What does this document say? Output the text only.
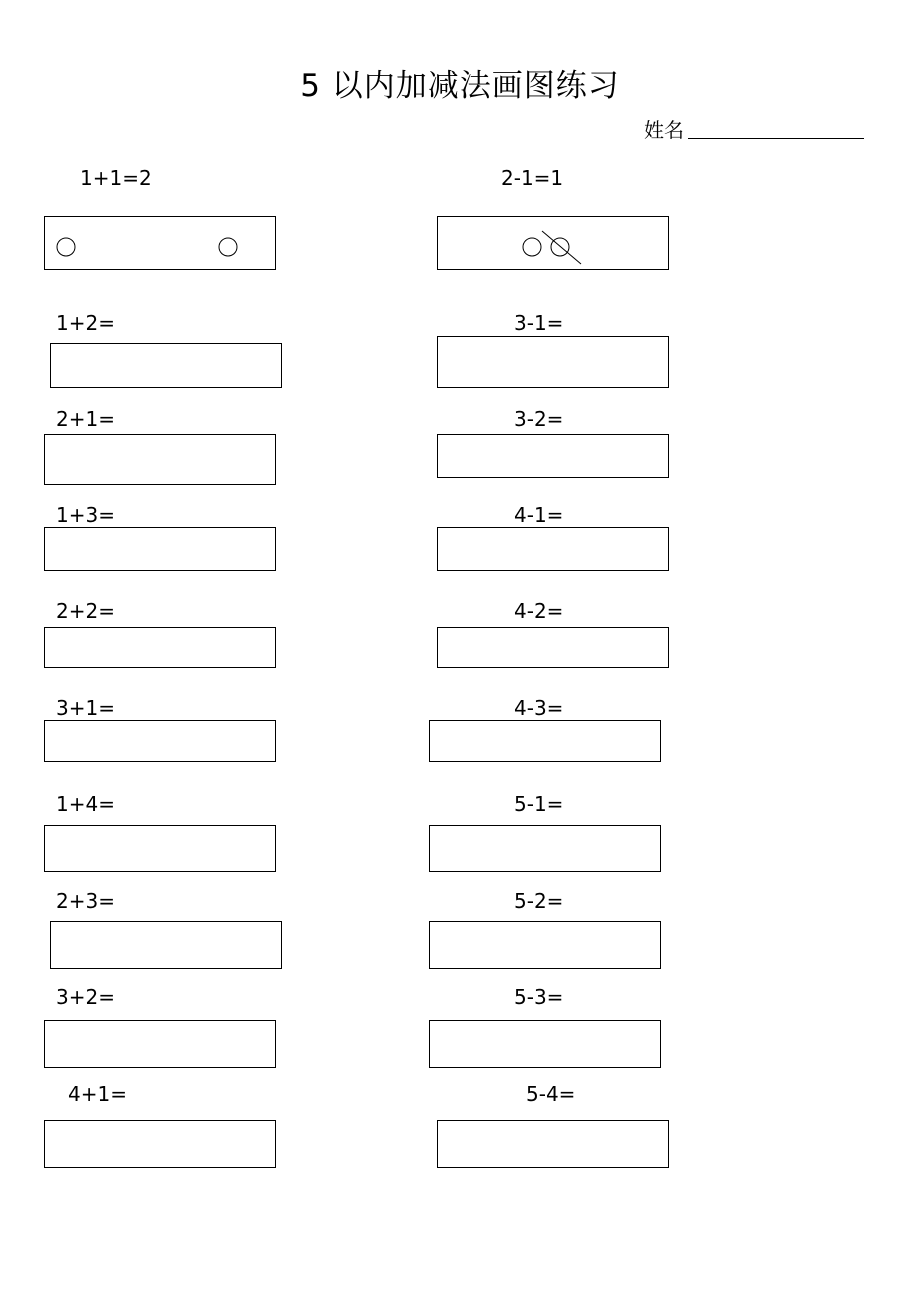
5 以内加减法画图练习
姓名
1+1=2	2-1=1
1+2=
2+1=
1+3=
2+2=
3+1=
1+4=
2+3=
3+2=
4+1=
3-1=
3-2=
4-1=
4-2=
4-3=
5-1=
5-2=
5-3=
5-4=
